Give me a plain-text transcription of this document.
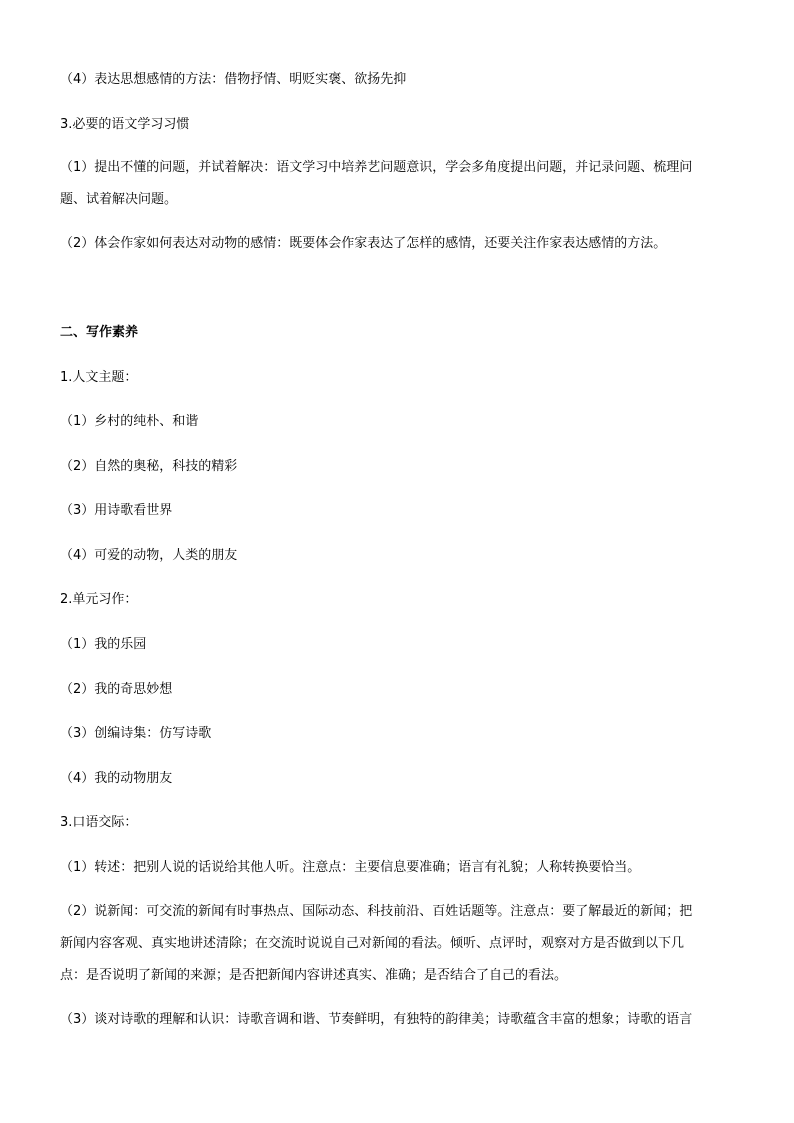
（4）表达思想感情的方法：借物抒情、明贬实褒、欲扬先抑
3.必要的语文学习习惯
（1）提出不懂的问题，并试着解决：语文学习中培养艺问题意识，学会多角度提出问题，并记录问题、梳理问
题、试着解决问题。
（2）体会作家如何表达对动物的感情：既要体会作家表达了怎样的感情，还要关注作家表达感情的方法。
二、写作素养
1.人文主题：
（1）乡村的纯朴、和谐
（2）自然的奥秘，科技的精彩
（3）用诗歌看世界
（4）可爱的动物，人类的朋友
2.单元习作：
（1）我的乐园
（2）我的奇思妙想
（3）创编诗集：仿写诗歌
（4）我的动物朋友
3.口语交际：
（1）转述：把别人说的话说给其他人听。注意点：主要信息要准确；语言有礼貌；人称转换要恰当。
（2）说新闻：可交流的新闻有时事热点、国际动态、科技前沿、百姓话题等。注意点：要了解最近的新闻；把
新闻内容客观、真实地讲述清除；在交流时说说自己对新闻的看法。倾听、点评时，观察对方是否做到以下几
点：是否说明了新闻的来源；是否把新闻内容讲述真实、准确；是否结合了自己的看法。
（3）谈对诗歌的理解和认识：诗歌音调和谐、节奏鲜明，有独特的韵律美；诗歌蕴含丰富的想象；诗歌的语言
